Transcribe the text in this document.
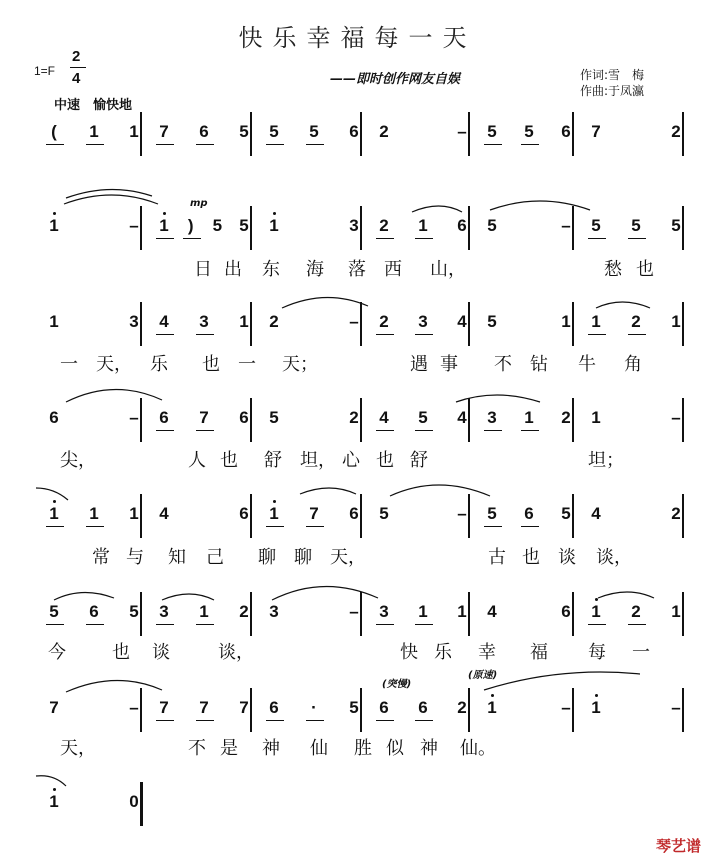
快乐幸福每一天
1=F
2
4
中速　愉快地
——即时创作网友自娱	作词:雪　梅
作曲:于凤瀛
mp
(突慢)
(原速)
琴艺谱
(	1	1	7	6	5	5	5	6	2	–	5	5	6	7	2
1	–	1	)	5	5	1	3	2	1	6	5	–	5	5	5
日 出 东 海 落 西 山，	愁 也
1	3	4	3	1	2	–	2	3	4	5	1	1	2	1
一 天， 乐 也 一 天；	遇 事 不 钻 牛 角
6	–	6	7	6	5	2	4	5	4	3	1	2	1	–
尖，	人 也 舒 坦， 心 也 舒	坦；
1	1	1	4	6	1	7	6	5	–	5	6	5	4	2
常 与 知 己 聊 聊 天，	古 也 谈 谈，
5	6	5	3	1	2	3	–	3	1	1	4	6	1	2	1
今	也 谈	谈，	快 乐 幸 福 每 一
7	–	7	7	7	6	·	5	6	6	2	1	–	1	–
天，	不 是 神 仙 胜 似 神 仙。
1	0
